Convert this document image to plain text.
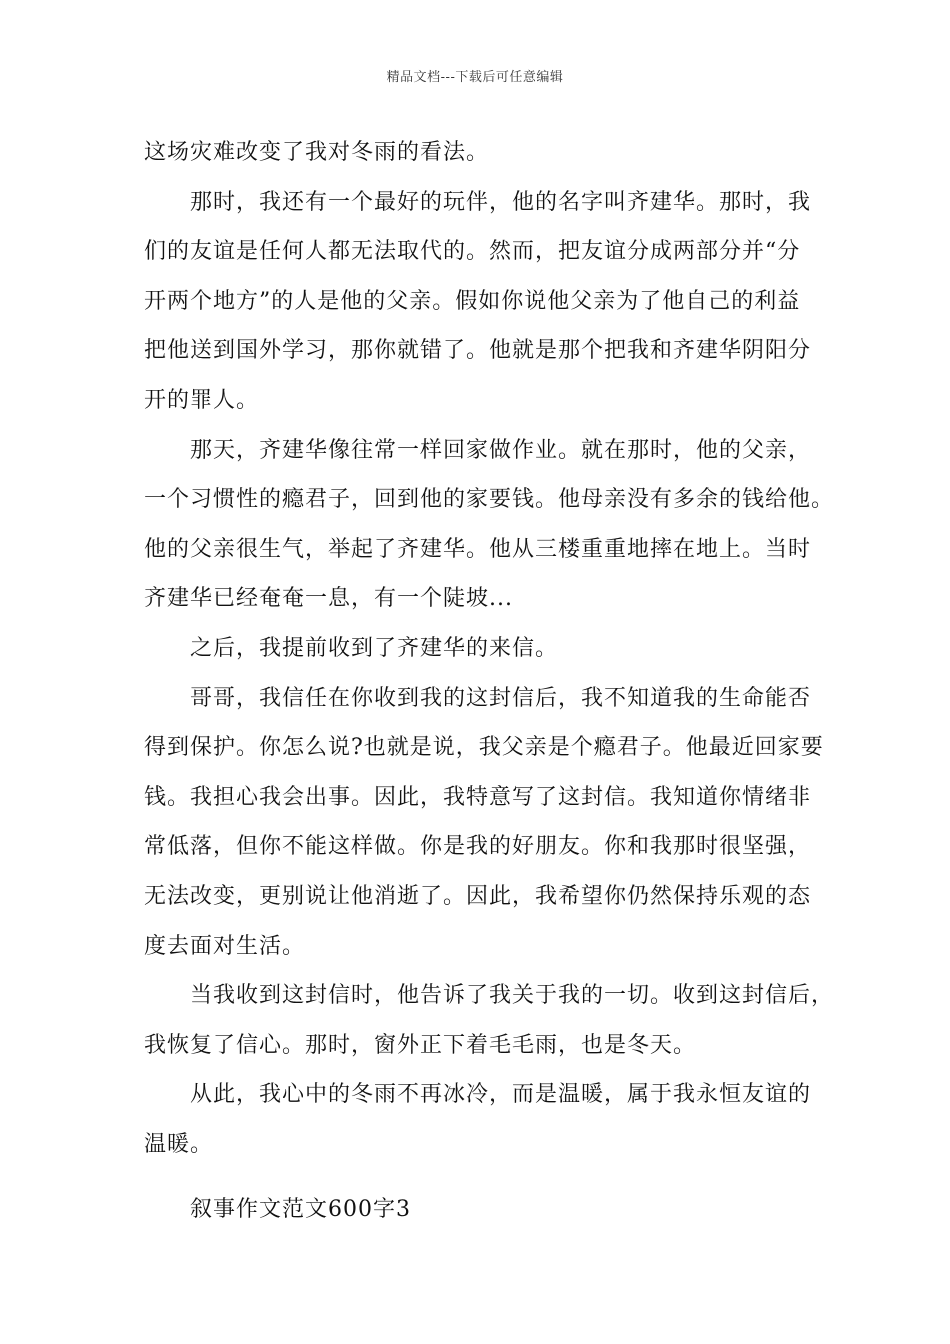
精品文档---下载后可任意编辑
这场灾难改变了我对冬雨的看法。
那时，我还有一个最好的玩伴，他的名字叫齐建华。那时，我
们的友谊是任何人都无法取代的。然而，把友谊分成两部分并“分
开两个地方”的人是他的父亲。假如你说他父亲为了他自己的利益
把他送到国外学习，那你就错了。他就是那个把我和齐建华阴阳分
开的罪人。
那天，齐建华像往常一样回家做作业。就在那时，他的父亲，
一个习惯性的瘾君子，回到他的家要钱。他母亲没有多余的钱给他。
他的父亲很生气，举起了齐建华。他从三楼重重地摔在地上。当时
齐建华已经奄奄一息，有一个陡坡...
之后，我提前收到了齐建华的来信。
哥哥，我信任在你收到我的这封信后，我不知道我的生命能否
得到保护。你怎么说?也就是说，我父亲是个瘾君子。他最近回家要
钱。我担心我会出事。因此，我特意写了这封信。我知道你情绪非
常低落，但你不能这样做。你是我的好朋友。你和我那时很坚强，
无法改变，更别说让他消逝了。因此，我希望你仍然保持乐观的态
度去面对生活。
当我收到这封信时，他告诉了我关于我的一切。收到这封信后，
我恢复了信心。那时，窗外正下着毛毛雨，也是冬天。
从此，我心中的冬雨不再冰冷，而是温暖，属于我永恒友谊的
温暖。
叙事作文范文600字3
